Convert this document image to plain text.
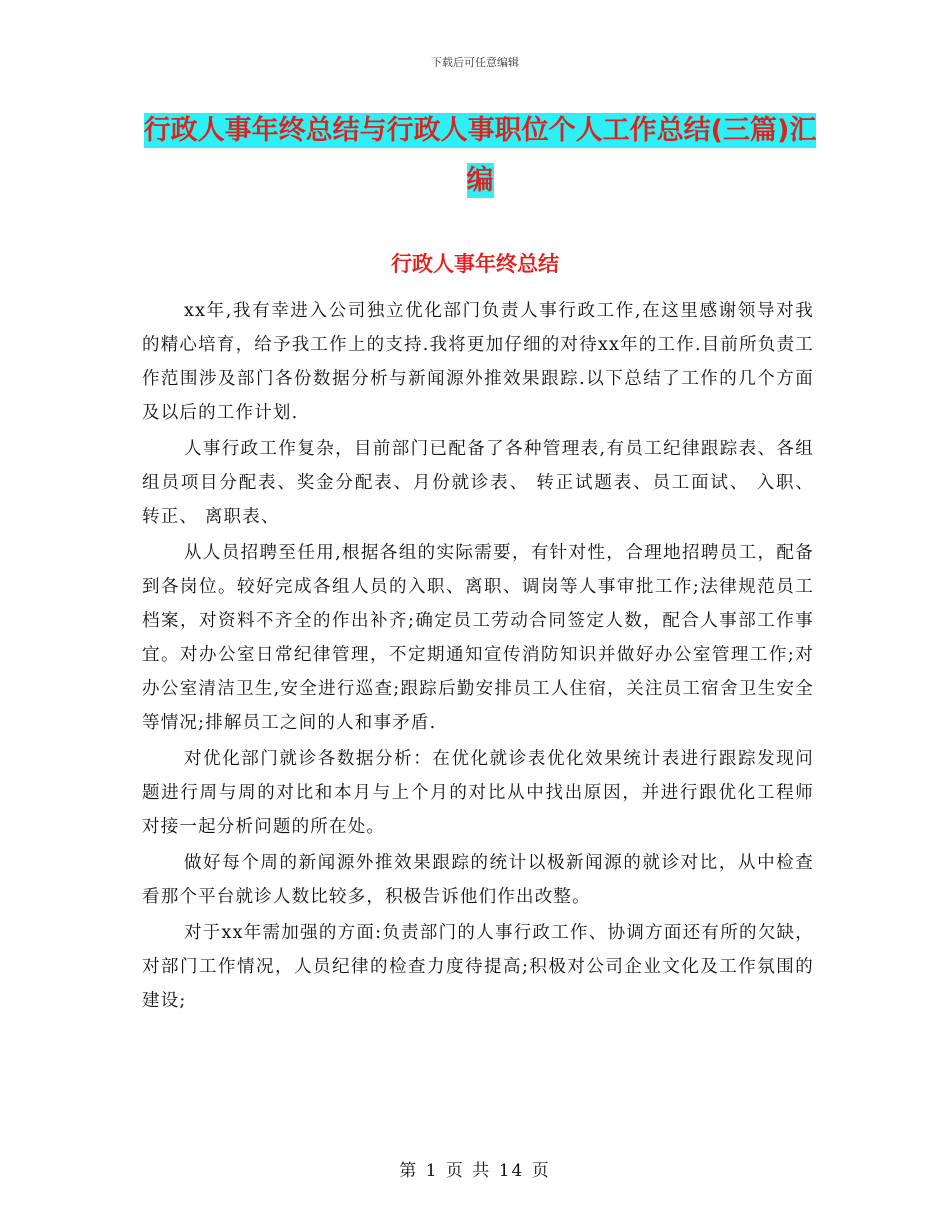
下载后可任意编辑
行政人事年终总结与行政人事职位个人工作总结(三篇)汇编
行政人事年终总结

xx年,我有幸进入公司独立优化部门负责人事行政工作,在这里感谢领导对我的精心培育，给予我工作上的支持.我将更加仔细的对待xx年的工作.目前所负责工作范围涉及部门各份数据分析与新闻源外推效果跟踪.以下总结了工作的几个方面及以后的工作计划.

人事行政工作复杂，目前部门已配备了各种管理表,有员工纪律跟踪表、各组组员项目分配表、奖金分配表、月份就诊表、 转正试题表、员工面试、 入职、 转正、 离职表、

从人员招聘至任用,根据各组的实际需要，有针对性，合理地招聘员工，配备到各岗位。较好完成各组人员的入职、离职、调岗等人事审批工作;法律规范员工档案，对资料不齐全的作出补齐;确定员工劳动合同签定人数，配合人事部工作事宜。对办公室日常纪律管理，不定期通知宣传消防知识并做好办公室管理工作;对办公室清洁卫生,安全进行巡查;跟踪后勤安排员工人住宿，关注员工宿舍卫生安全等情况;排解员工之间的人和事矛盾.

对优化部门就诊各数据分析：在优化就诊表优化效果统计表进行跟踪发现问题进行周与周的对比和本月与上个月的对比从中找出原因，并进行跟优化工程师对接一起分析问题的所在处。

做好每个周的新闻源外推效果跟踪的统计以极新闻源的就诊对比，从中检查看那个平台就诊人数比较多，积极告诉他们作出改整。

对于xx年需加强的方面:负责部门的人事行政工作、协调方面还有所的欠缺，对部门工作情况，人员纪律的检查力度待提高;积极对公司企业文化及工作氛围的建设;

第 1 页 共 14 页
